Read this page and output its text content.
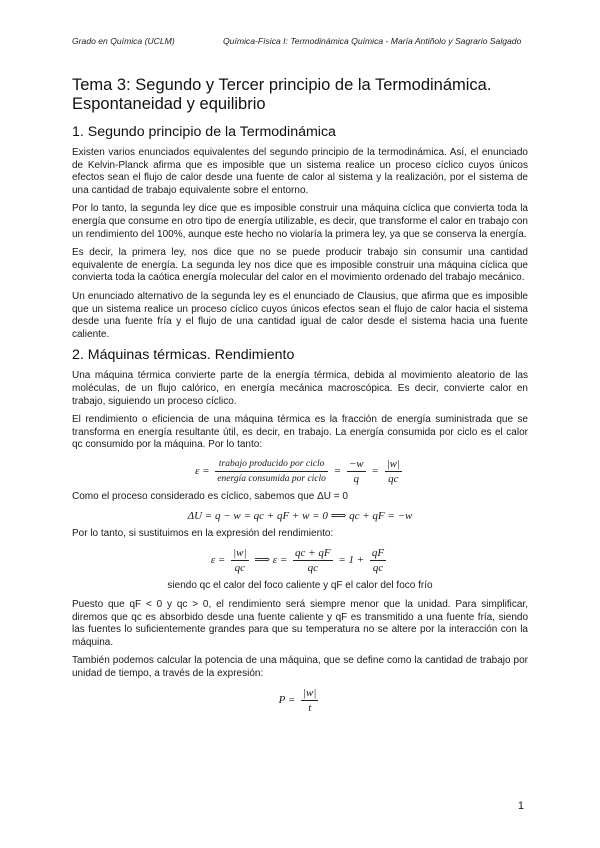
Grado en Química (UCLM)	Química-Física I: Termodinámica Química - María Antiñolo y Sagrario Salgado
Tema 3: Segundo y Tercer principio de la Termodinámica. Espontaneidad y equilibrio
1. Segundo principio de la Termodinámica

Existen varios enunciados equivalentes del segundo principio de la termodinámica. Así, el enunciado de Kelvin-Planck afirma que es imposible que un sistema realice un proceso cíclico cuyos únicos efectos sean el flujo de calor desde una fuente de calor al sistema y la realización, por el sistema de una cantidad de trabajo equivalente sobre el entorno.

Por lo tanto, la segunda ley dice que es imposible construir una máquina cíclica que convierta toda la energía que consume en otro tipo de energía utilizable, es decir, que transforme el calor en trabajo con un rendimiento del 100%, aunque este hecho no violaría la primera ley, ya que se conserva la energía.

Es decir, la primera ley, nos dice que no se puede producir trabajo sin consumir una cantidad equivalente de energía. La segunda ley nos dice que es imposible construir una máquina cíclica que convierta toda la caótica energía molecular del calor en el movimiento ordenado del trabajo mecánico.

Un enunciado alternativo de la segunda ley es el enunciado de Clausius, que afirma que es imposible que un sistema realice un proceso cíclico cuyos únicos efectos sean el flujo de calor hacia el sistema desde una fuente fría y el flujo de una cantidad igual de calor desde el sistema hacia una fuente caliente.

2. Máquinas térmicas. Rendimiento

Una máquina térmica convierte parte de la energía térmica, debida al movimiento aleatorio de las moléculas, de un flujo calórico, en energía mecánica macroscópica. Es decir, convierte calor en trabajo, siguiendo un proceso cíclico.

El rendimiento o eficiencia de una máquina térmica es la fracción de energía suministrada que se transforma en energía resultante útil, es decir, en trabajo. La energía consumida por ciclo es el calor qc consumido por la máquina. Por lo tanto:

$\varepsilon = \frac{\text{trabajo producido por ciclo}}{\text{energía consumida por ciclo}} = \frac{-w}{q} = \frac{|w|}{qc}$

Como el proceso considerado es cíclico, sabemos que ΔU = 0

ΔU = q − w = qc + qF + w = 0 ⟹ qc + qF = −w

Por lo tanto, si sustituimos en la expresión del rendimiento:

$\varepsilon = \frac{|w|}{qc}$ ⟹ $\varepsilon = \frac{qc + qF}{qc} = 1 + \frac{qF}{qc}$
siendo qc el calor del foco caliente y qF el calor del foco frío

Puesto que qF < 0 y qc > 0, el rendimiento será siempre menor que la unidad. Para simplificar, diremos que qc es absorbido desde una fuente caliente y qF es transmitido a una fuente fría, siendo las fuentes lo suficientemente grandes para que su temperatura no se altere por la interacción con la máquina.

También podemos calcular la potencia de una máquina, que se define como la cantidad de trabajo por unidad de tiempo, a través de la expresión:

$P = \frac{|w|}{t}$
1
